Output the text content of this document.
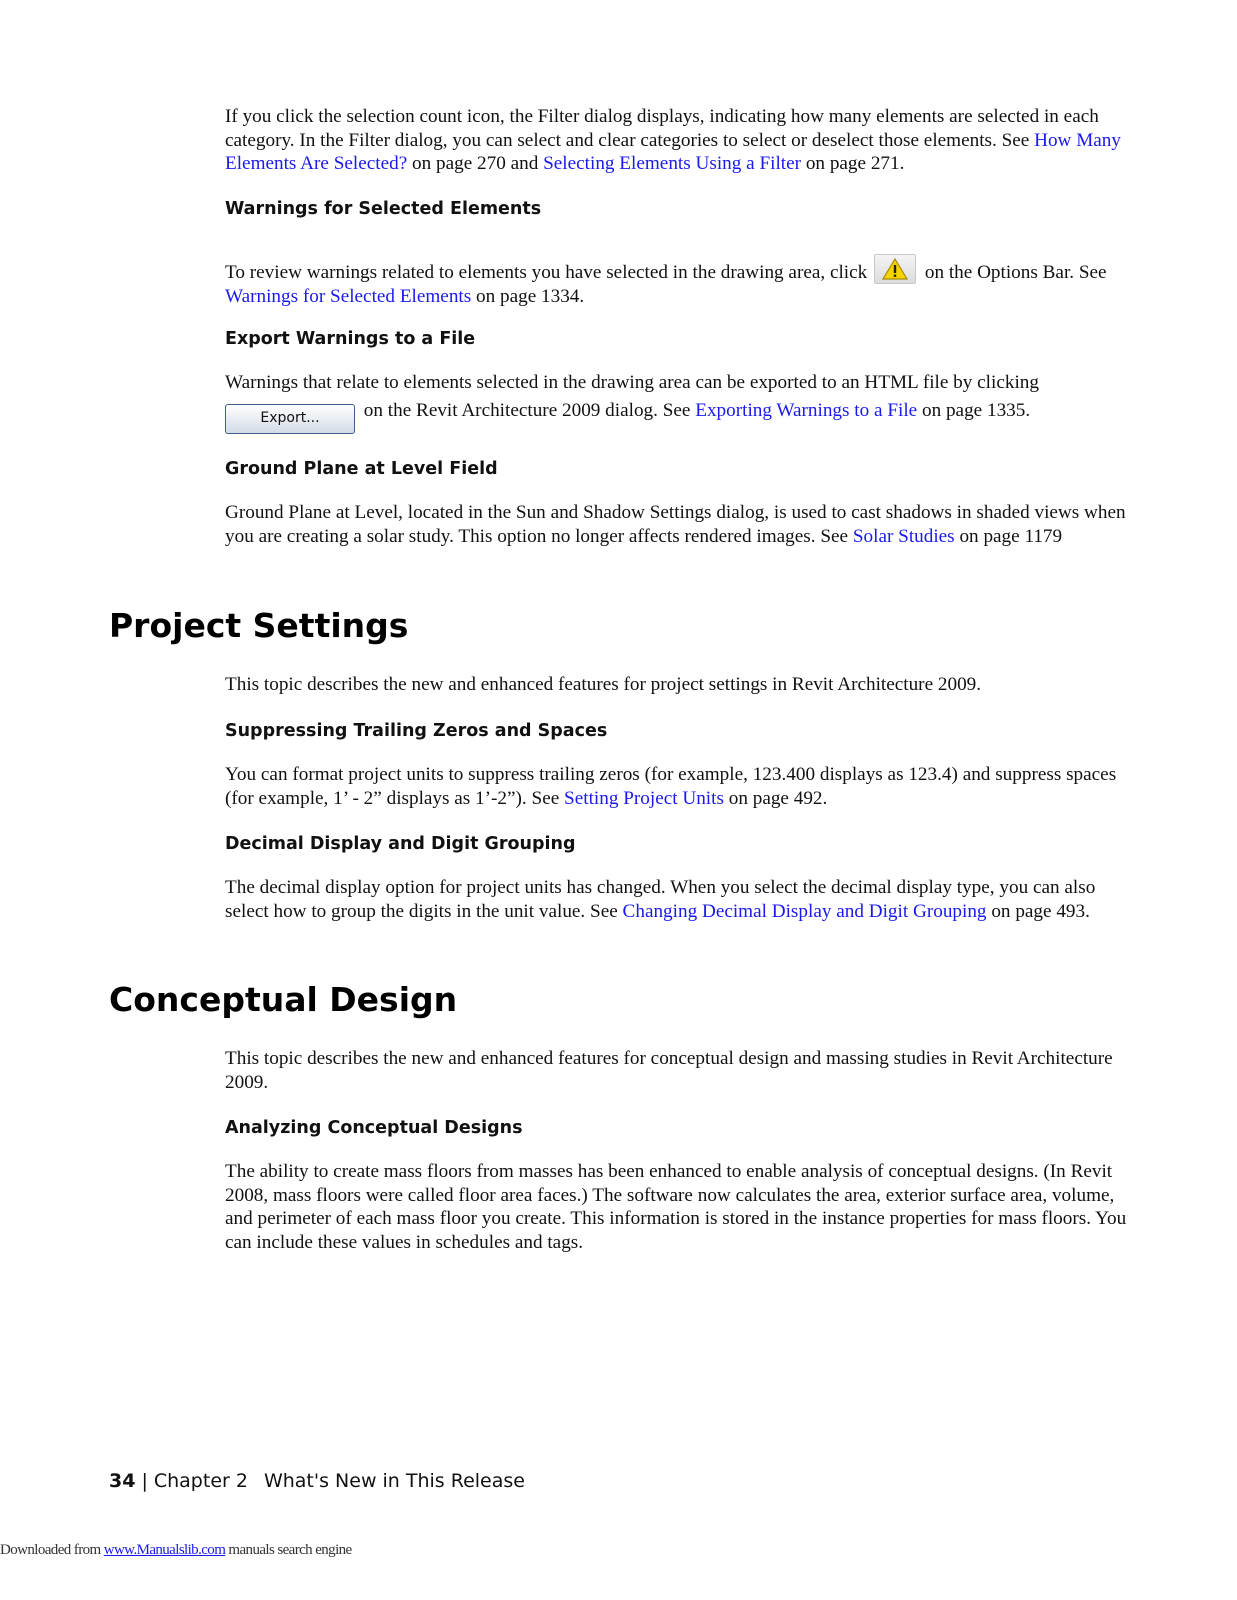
If you click the selection count icon, the Filter dialog displays, indicating how many elements are selected in each category. In the Filter dialog, you can select and clear categories to select or deselect those elements. See How Many Elements Are Selected? on page 270 and Selecting Elements Using a Filter on page 271.

Warnings for Selected Elements

To review warnings related to elements you have selected in the drawing area, click	on the Options Bar. See Warnings for Selected Elements on page 1334.

Export Warnings to a File

Warnings that relate to elements selected in the drawing area can be exported to an HTML file by clicking

Export... on the Revit Architecture 2009 dialog. See Exporting Warnings to a File on page 1335.

Ground Plane at Level Field

Ground Plane at Level, located in the Sun and Shadow Settings dialog, is used to cast shadows in shaded views when you are creating a solar study. This option no longer affects rendered images. See Solar Studies on page 1179

Project Settings

This topic describes the new and enhanced features for project settings in Revit Architecture 2009.

Suppressing Trailing Zeros and Spaces

You can format project units to suppress trailing zeros (for example, 123.400 displays as 123.4) and suppress spaces (for example, 1’ - 2” displays as 1’-2”). See Setting Project Units on page 492.

Decimal Display and Digit Grouping

The decimal display option for project units has changed. When you select the decimal display type, you can also select how to group the digits in the unit value. See Changing Decimal Display and Digit Grouping on page 493.

Conceptual Design

This topic describes the new and enhanced features for conceptual design and massing studies in Revit Architecture 2009.

Analyzing Conceptual Designs

The ability to create mass floors from masses has been enhanced to enable analysis of conceptual designs. (In Revit 2008, mass floors were called floor area faces.) The software now calculates the area, exterior surface area, volume, and perimeter of each mass floor you create. This information is stored in the instance properties for mass floors. You can include these values in schedules and tags.

34 | Chapter 2 What's New in This Release
Downloaded from www.Manualslib.com manuals search engine
